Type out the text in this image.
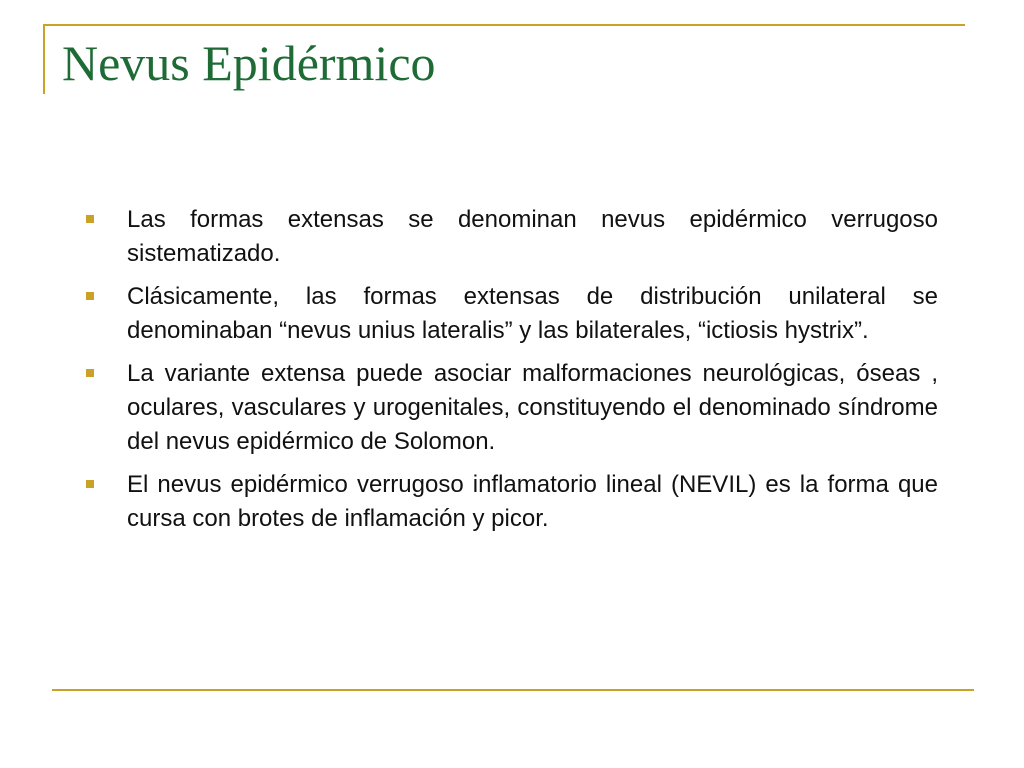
Nevus Epidérmico
Las formas extensas se denominan nevus epidérmico verrugoso sistematizado.
Clásicamente, las formas extensas de distribución unilateral se denominaban “nevus unius lateralis” y las bilaterales, “ictiosis hystrix”.
La variante extensa puede asociar malformaciones neurológicas, óseas , oculares, vasculares y urogenitales, constituyendo el denominado síndrome del nevus epidérmico de Solomon.
El nevus epidérmico verrugoso inflamatorio lineal (NEVIL) es la forma que cursa con brotes de inflamación y picor.
